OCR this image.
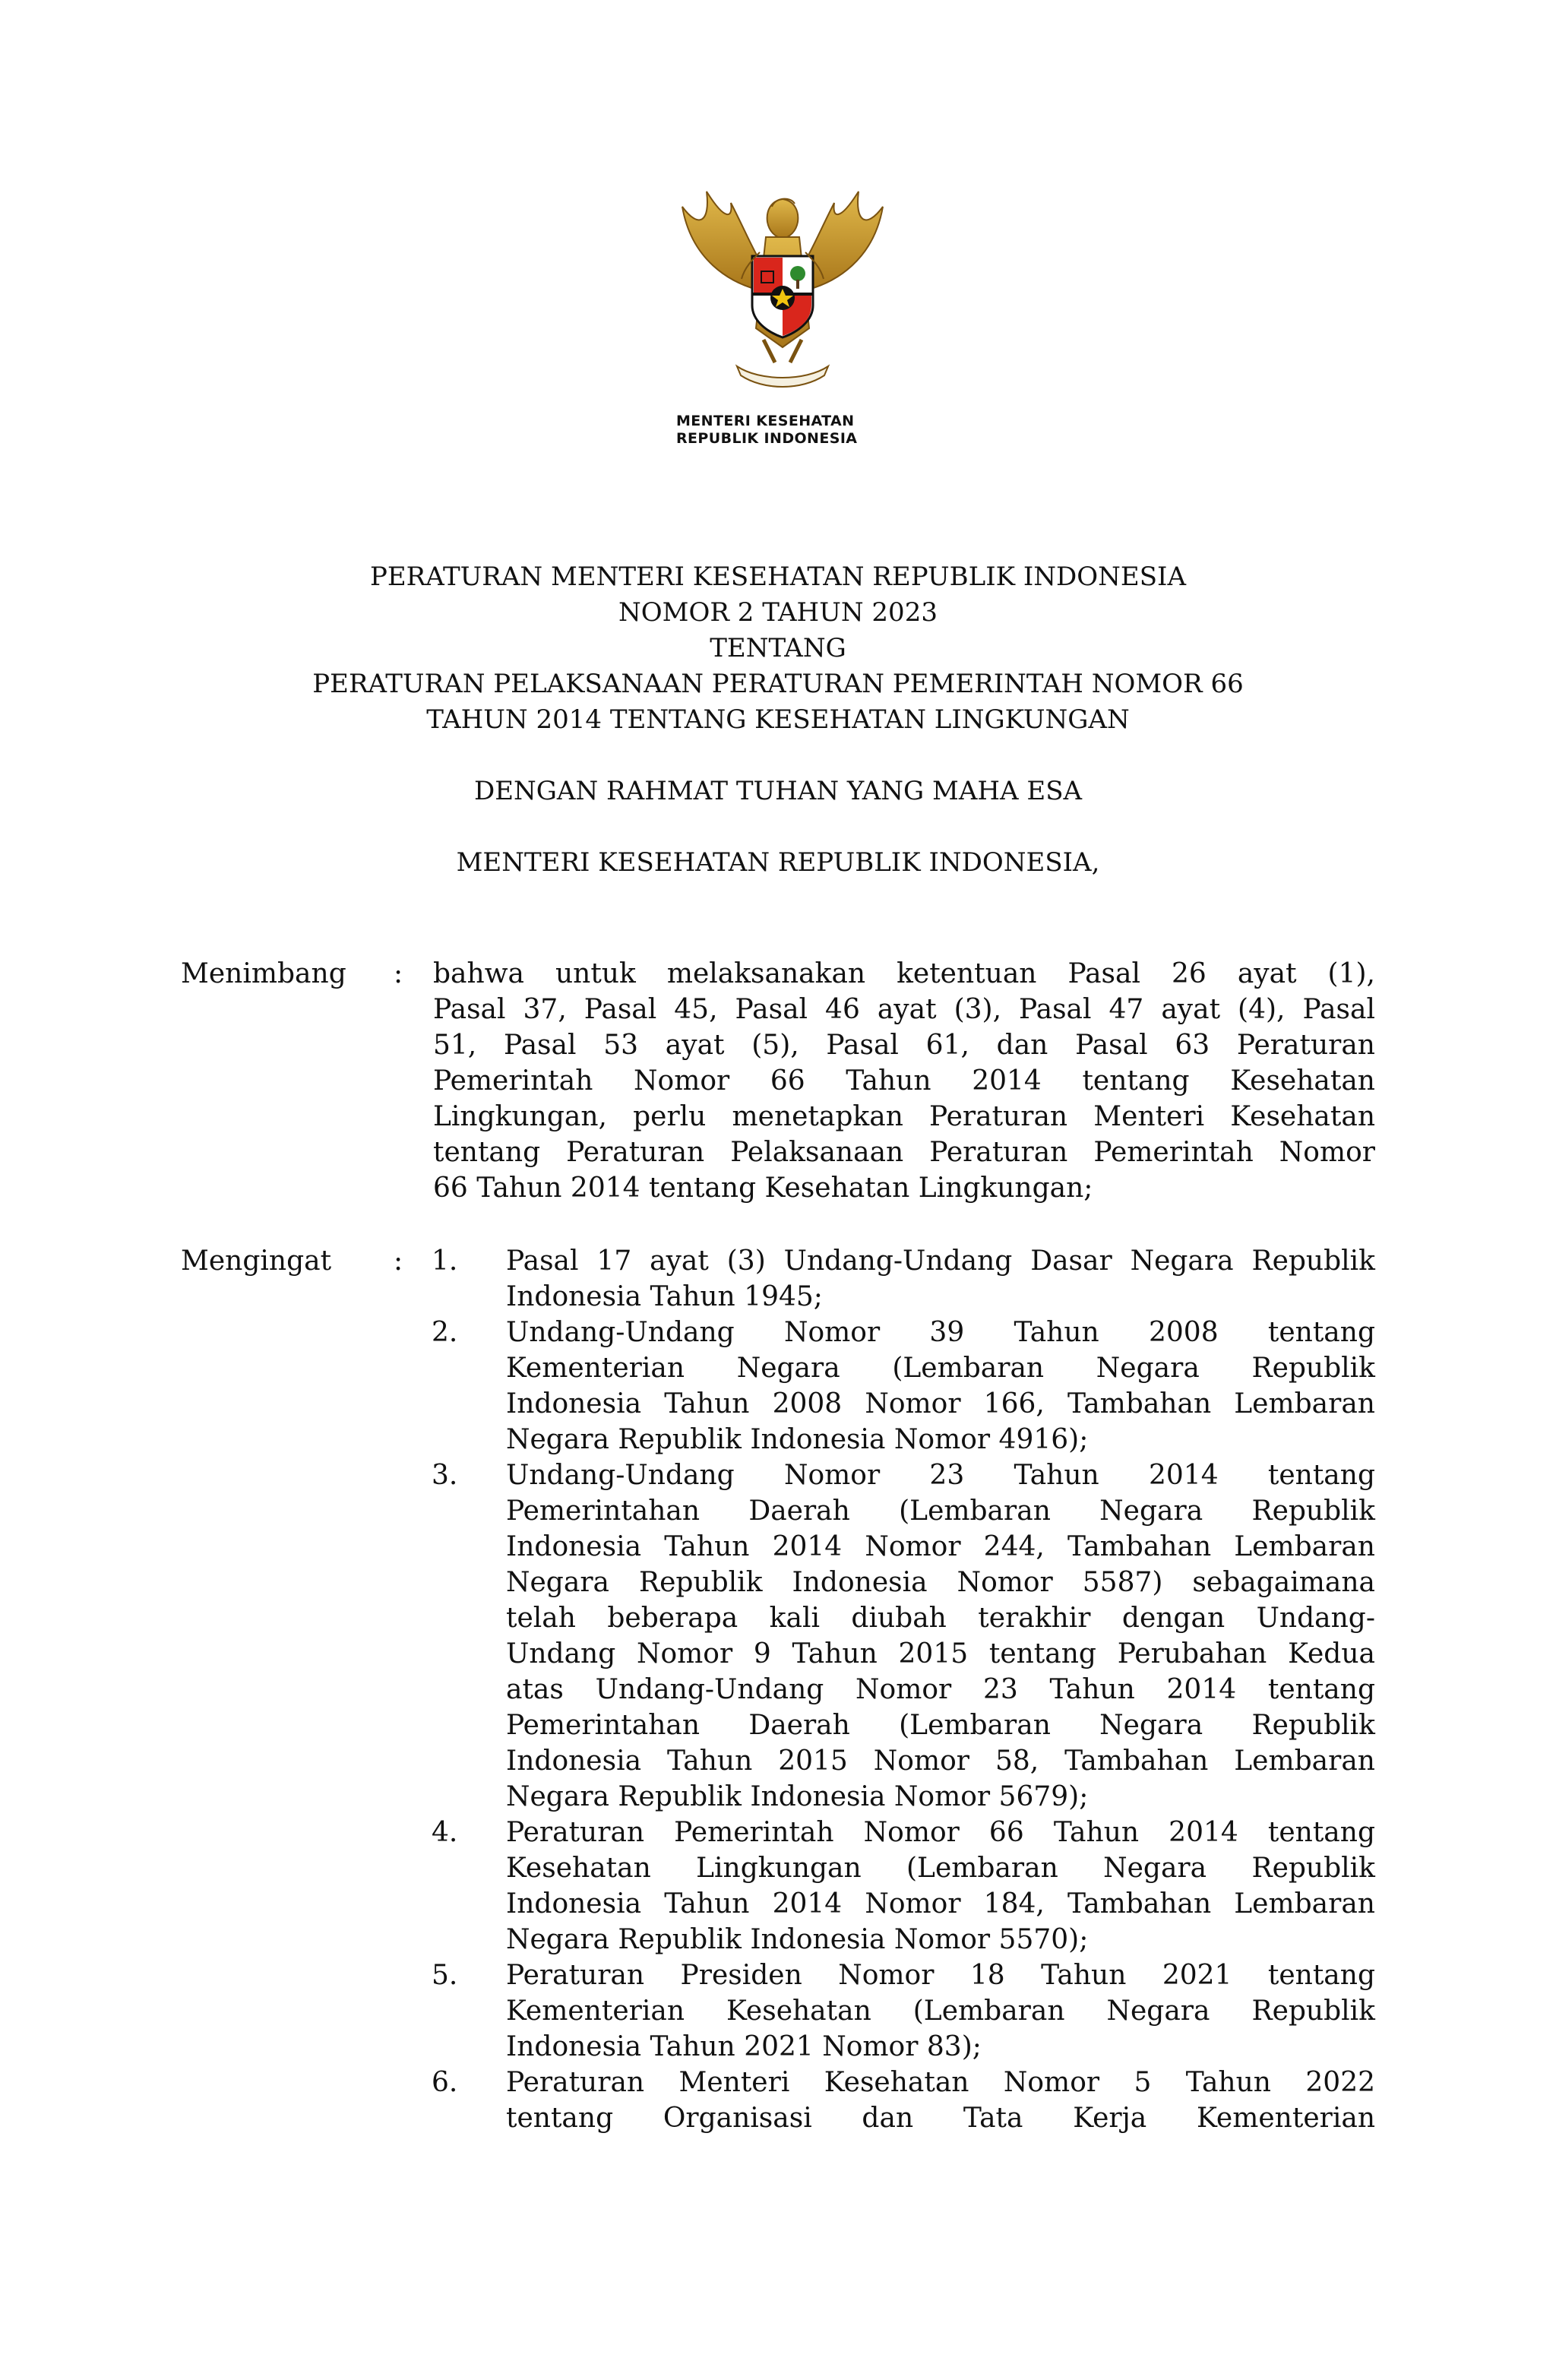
MENTERI KESEHATAN
REPUBLIK INDONESIA
PERATURAN MENTERI KESEHATAN REPUBLIK INDONESIA
NOMOR 2 TAHUN 2023
TENTANG
PERATURAN PELAKSANAAN PERATURAN PEMERINTAH NOMOR 66
TAHUN 2014 TENTANG KESEHATAN LINGKUNGAN
DENGAN RAHMAT TUHAN YANG MAHA ESA
MENTERI KESEHATAN REPUBLIK INDONESIA,
Menimbang : bahwa untuk melaksanakan ketentuan Pasal 26 ayat (1),
Pasal 37, Pasal 45, Pasal 46 ayat (3), Pasal 47 ayat (4), Pasal
51, Pasal 53 ayat (5), Pasal 61, dan Pasal 63 Peraturan
Pemerintah Nomor 66 Tahun 2014 tentang Kesehatan
Lingkungan, perlu menetapkan Peraturan Menteri Kesehatan
tentang Peraturan Pelaksanaan Peraturan Pemerintah Nomor
66 Tahun 2014 tentang Kesehatan Lingkungan;
Mengingat : 1. Pasal 17 ayat (3) Undang-Undang Dasar Negara Republik
Indonesia Tahun 1945;
2. Undang-Undang Nomor 39 Tahun 2008 tentang
Kementerian Negara (Lembaran Negara Republik
Indonesia Tahun 2008 Nomor 166, Tambahan Lembaran
Negara Republik Indonesia Nomor 4916);
3. Undang-Undang Nomor 23 Tahun 2014 tentang
Pemerintahan Daerah (Lembaran Negara Republik
Indonesia Tahun 2014 Nomor 244, Tambahan Lembaran
Negara Republik Indonesia Nomor 5587) sebagaimana
telah beberapa kali diubah terakhir dengan Undang-
Undang Nomor 9 Tahun 2015 tentang Perubahan Kedua
atas Undang-Undang Nomor 23 Tahun 2014 tentang
Pemerintahan Daerah (Lembaran Negara Republik
Indonesia Tahun 2015 Nomor 58, Tambahan Lembaran
Negara Republik Indonesia Nomor 5679);
4. Peraturan Pemerintah Nomor 66 Tahun 2014 tentang
Kesehatan Lingkungan (Lembaran Negara Republik
Indonesia Tahun 2014 Nomor 184, Tambahan Lembaran
Negara Republik Indonesia Nomor 5570);
5. Peraturan Presiden Nomor 18 Tahun 2021 tentang
Kementerian Kesehatan (Lembaran Negara Republik
Indonesia Tahun 2021 Nomor 83);
6. Peraturan Menteri Kesehatan Nomor 5 Tahun 2022
tentang Organisasi dan Tata Kerja Kementerian
